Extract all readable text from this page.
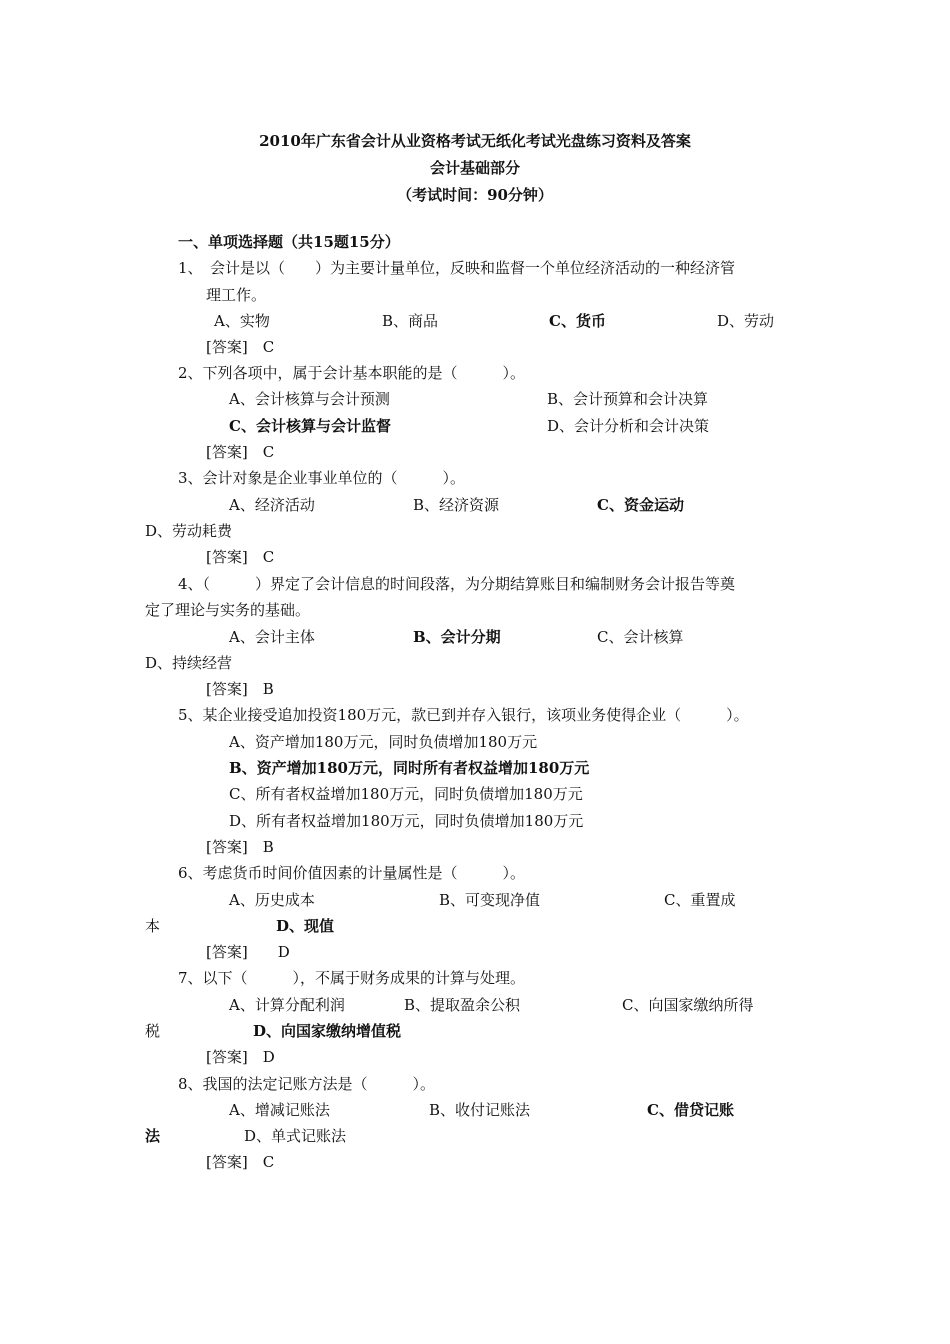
2010年广东省会计从业资格考试无纸化考试光盘练习资料及答案
会计基础部分
（考试时间：90分钟）
一、单项选择题（共15题15分）
1、　会计是以（　　）为主要计量单位，反映和监督一个单位经济活动的一种经济管
理工作。
A、实物	B、商品	C、货币	D、劳动
[答案]　C
2、下列各项中，属于会计基本职能的是（　　　）。
A、会计核算与会计预测	B、会计预算和会计决算
C、会计核算与会计监督	D、会计分析和会计决策
[答案]　C
3、会计对象是企业事业单位的（　　　）。
A、经济活动	B、经济资源	C、资金运动
D、劳动耗费
[答案]　C
4、（　　　）界定了会计信息的时间段落，为分期结算账目和编制财务会计报告等奠
定了理论与实务的基础。
A、会计主体	B、会计分期	C、会计核算
D、持续经营
[答案]　B
5、某企业接受追加投资180万元，款已到并存入银行，该项业务使得企业（　　　）。
A、资产增加180万元，同时负债增加180万元
B、资产增加180万元，同时所有者权益增加180万元
C、所有者权益增加180万元，同时负债增加180万元
D、所有者权益增加180万元，同时负债增加180万元
[答案]　B
6、考虑货币时间价值因素的计量属性是（　　　）。
A、历史成本	B、可变现净值	C、重置成
本	D、现值
[答案]　　D
7、以下（　　　），不属于财务成果的计算与处理。
A、计算分配利润	B、提取盈余公积	C、向国家缴纳所得
税	D、向国家缴纳增值税
[答案]　D
8、我国的法定记账方法是（　　　）。
A、增减记账法	B、收付记账法	C、借贷记账
法	D、单式记账法
[答案]　C
